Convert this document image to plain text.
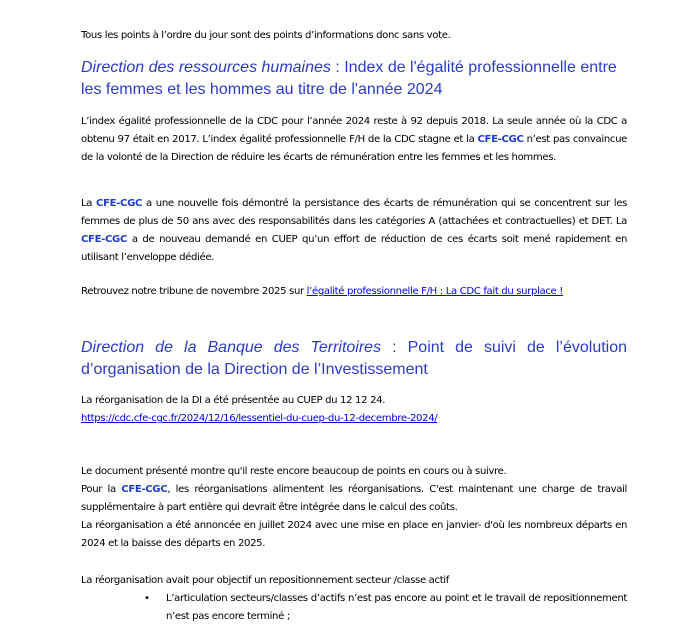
Tous les points à l’ordre du jour sont des points d’informations donc sans vote.
Direction des ressources humaines : Index de l'égalité professionnelle entre les femmes et les hommes au titre de l'année 2024
L’index égalité professionnelle de la CDC pour l’année 2024 reste à 92 depuis 2018. La seule année où la CDC a obtenu 97 était en 2017. L’index égalité professionnelle F/H de la CDC stagne et la CFE-CGC n’est pas convaincue de la volonté de la Direction de réduire les écarts de rémunération entre les femmes et les hommes.
La CFE-CGC a une nouvelle fois démontré la persistance des écarts de rémunération qui se concentrent sur les femmes de plus de 50 ans avec des responsabilités dans les catégories A (attachées et contractuelles) et DET. La CFE-CGC a de nouveau demandé en CUEP qu’un effort de réduction de ces écarts soit mené rapidement en utilisant l’enveloppe dédiée.
Retrouvez notre tribune de novembre 2025 sur l’égalité professionnelle F/H : La CDC fait du surplace !
Direction de la Banque des Territoires : Point de suivi de l’évolution d’organisation de la Direction de l’Investissement
La réorganisation de la DI a été présentée au CUEP du 12 12 24.
https://cdc.cfe-cgc.fr/2024/12/16/lessentiel-du-cuep-du-12-decembre-2024/
Le document présenté montre qu'il reste encore beaucoup de points en cours ou à suivre.
Pour la CFE-CGC, les réorganisations alimentent les réorganisations. C'est maintenant une charge de travail supplémentaire à part entière qui devrait être intégrée dans le calcul des coûts.
La réorganisation a été annoncée en juillet 2024 avec une mise en place en janvier- d'où les nombreux départs en 2024 et la baisse des départs en 2025.
La réorganisation avait pour objectif un repositionnement secteur /classe actif
• L’articulation secteurs/classes d’actifs n’est pas encore au point et le travail de repositionnement n’est pas encore terminé ;
